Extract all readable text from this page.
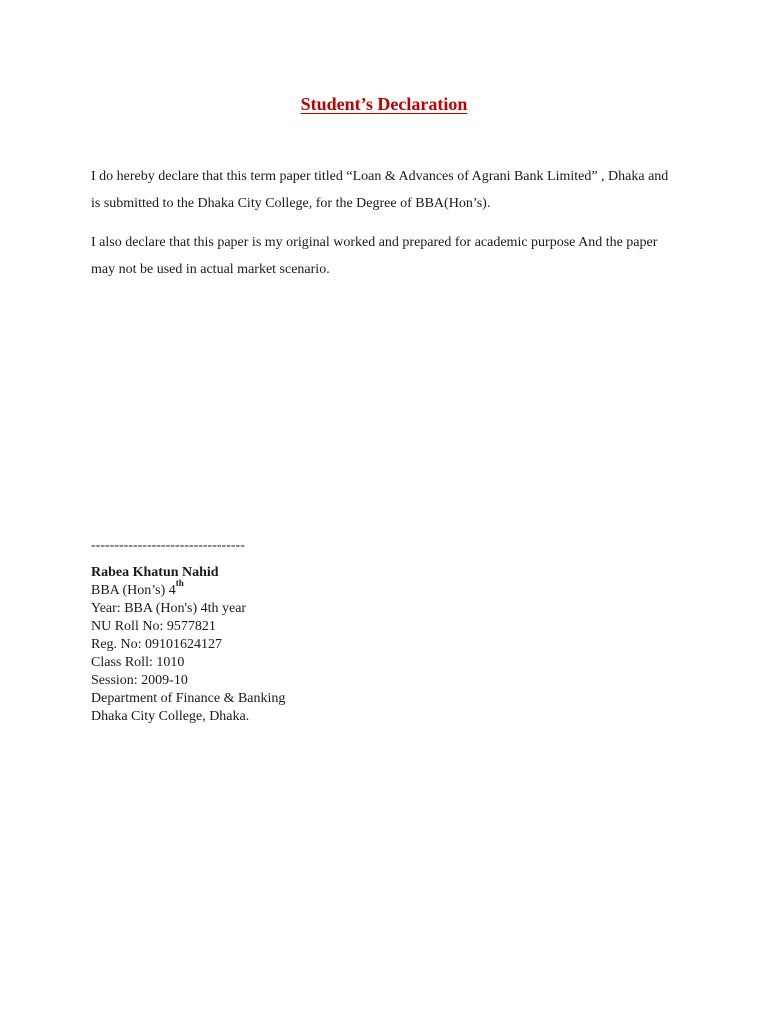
Student’s Declaration
I do hereby declare that this term paper titled “Loan & Advances of Agrani Bank Limited” , Dhaka and is submitted to the Dhaka City College, for the Degree of BBA(Hon’s).
I also declare that this paper is my original worked and prepared for academic purpose And the paper may not be used in actual market scenario.
---------------------------------
Rabea Khatun Nahid
BBA (Hon’s) 4th
Year: BBA (Hon's) 4th year
NU Roll No: 9577821
Reg. No: 09101624127
Class Roll: 1010
Session: 2009-10
Department of Finance & Banking
Dhaka City College, Dhaka.
